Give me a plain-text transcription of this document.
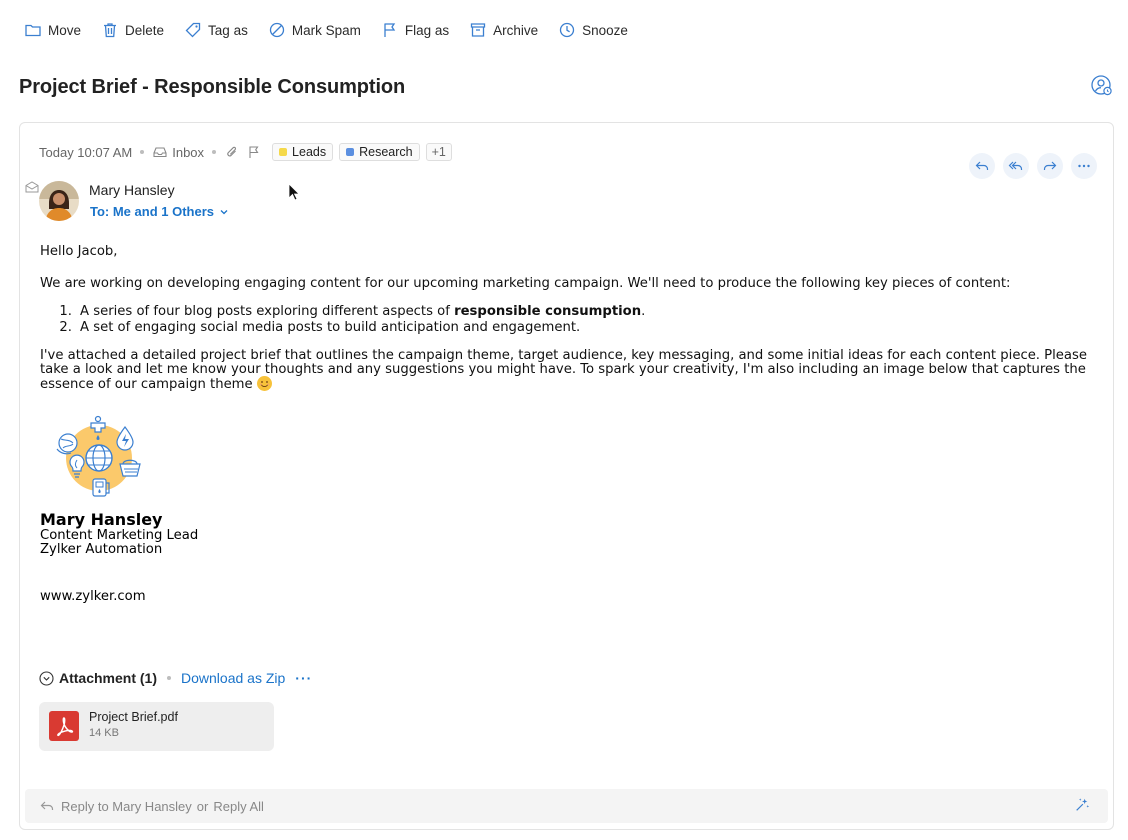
Move	Delete	Tag as	Mark Spam	Flag as	Archive	Snooze
Project Brief - Responsible Consumption
Today 10:07 AM	Inbox	Leads	Research	+1
Mary Hansley
To: Me and 1 Others

Hello Jacob,

We are working on developing engaging content for our upcoming marketing campaign. We'll need to produce the following key pieces of content:

1. A series of four blog posts exploring different aspects of responsible consumption.
2. A set of engaging social media posts to build anticipation and engagement.

I've attached a detailed project brief that outlines the campaign theme, target audience, key messaging, and some initial ideas for each content piece. Please take a look and let me know your thoughts and any suggestions you might have. To spark your creativity, I'm also including an image below that captures the essence of our campaign theme

Mary Hansley
Content Marketing Lead
Zylker Automation
www.zylker.com
Attachment (1) Download as Zip ···
Project Brief.pdf
14 KB
Reply to Mary Hansley or Reply All
